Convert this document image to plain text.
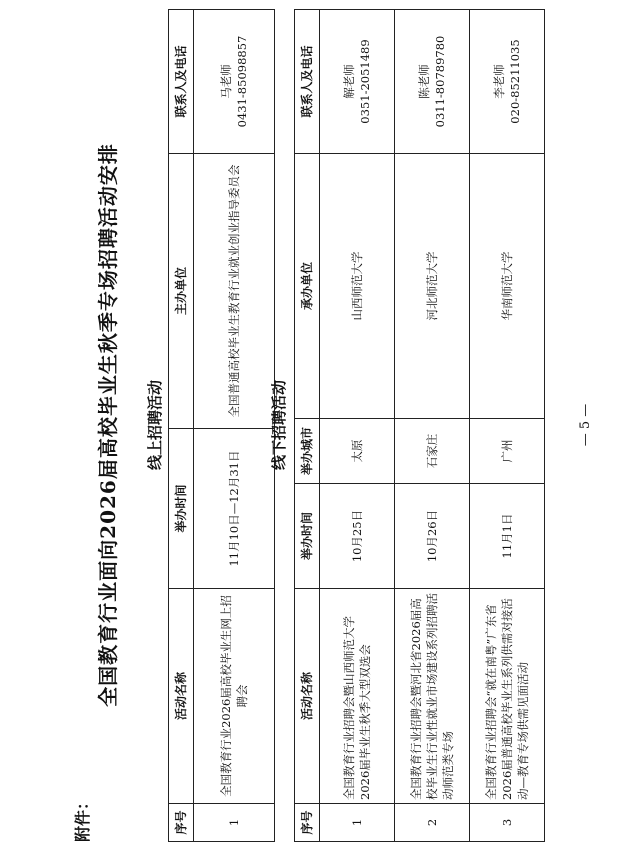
附件：
全国教育行业面向2026届高校毕业生秋季专场招聘活动安排 线上招聘活动
序号	活动名称	举办时间	主办单位	联系人及电话
1	全国教育行业2026届高校毕业生网上招聘会	11月10日—12月31日	全国普通高校毕业生教育行业就业创业指导委员会	马老师 0431-85098857
线下招聘活动
序号	活动名称	举办时间	举办城市	承办单位	联系人及电话
1	全国教育行业招聘会暨山西师范大学2026届毕业生秋季大型双选会	10月25日	太原	山西师范大学	解老师 0351-2051489

2	全国教育行业招聘会暨河北省2026届高校毕业生行业性就业市场建设系列招聘活动师范类专场	10月26日	石家庄	河北师范大学	陈老师 0311-80789780

3	全国教育行业招聘会“就在南粤”广东省2026届普通高校毕业生系列供需对接活动—教育专场供需见面活动	11月1日	广州	华南师范大学	李老师 020-85211035
— 5 —
